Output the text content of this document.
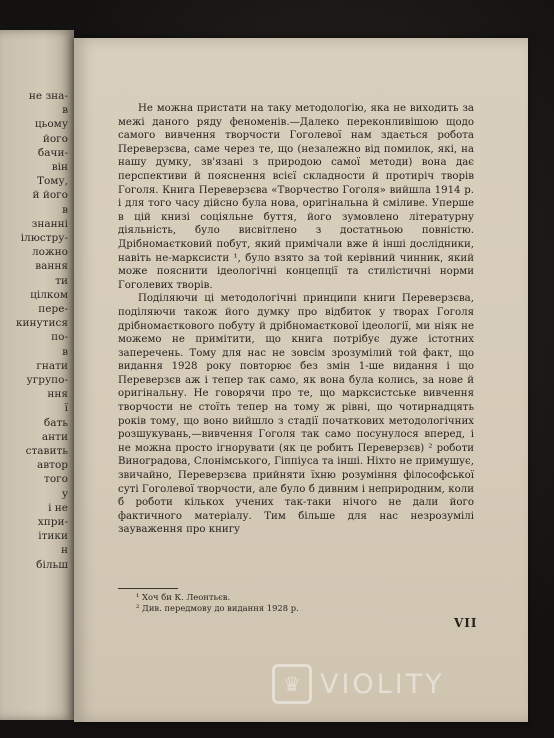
не зна-
в
цьому
його
бачи-
він
Тому,
й його
в
знанні
ілюстру-
ложно
вання
ти
цілком
пере-
кинутися
по-
в
гнати
угрупо-
ння
ї
бать
анти
ставить
автор
того
у
і не
хпри-
ітики
н
більш

Не можна пристати на таку методологію, яка не виходить за межі даного ряду феноменів.—Далеко переконливішою щодо самого вивчення творчости Гоголевої нам здається робота Переверзєва, саме через те, що (незалежно від помилок, які, на нашу думку, зв'язані з природою самої методи) вона дає перспективи й пояснення всієї складности й протиріч творів Гоголя. Книга Переверзєва «Творчество Гоголя» вийшла 1914 р. і для того часу дійсно була нова, оригінальна й сміливе. Уперше в цій книзі соціяльне буття, його зумовлено літературну діяльність, було висвітлено з достатньою повністю. Дрібномаєтковий побут, який примічали вже й інші дослідники, навіть не-марксисти ¹, було взято за той керівний чинник, який може пояснити ідеологічні концепції та стилістичні норми Гоголевих творів.

Поділяючи ці методологічні принципи книги Переверзєва, поділяючи також його думку про відбиток у творах Гоголя дрібномаєткового побуту й дрібномаєткової ідеології, ми ніяк не можемо не примітити, що книга потрібує дуже істотних заперечень. Тому для нас не зовсім зрозумілий той факт, що видання 1928 року повторює без змін 1-ше видання і що Переверзєв аж і тепер так само, як вона була колись, за нове й оригінальну. Не говорячи про те, що марксистське вивчення творчости не стоїть тепер на тому ж рівні, що чотирнадцять років тому, що воно вийшло з стадії початкових методологічних розшукувань,—вивчення Гоголя так само посунулося вперед, і не можна просто ігнорувати (як це робить Переверзєв) ² роботи Виноградова, Слонімського, Гіппіуса та інші. Ніхто не примушує, звичайно, Переверзєва прийняти їхню розуміння філософської суті Гоголевої творчости, але було б дивним і неприродним, коли б роботи кількох учених так-таки нічого не дали його фактичного матеріалу. Тим більше для нас незрозумілі зауваження про книгу

¹ Хоч би К. Леонтьєв.
² Див. передмову до видання 1928 р.
VII
♛ VIOLITY
